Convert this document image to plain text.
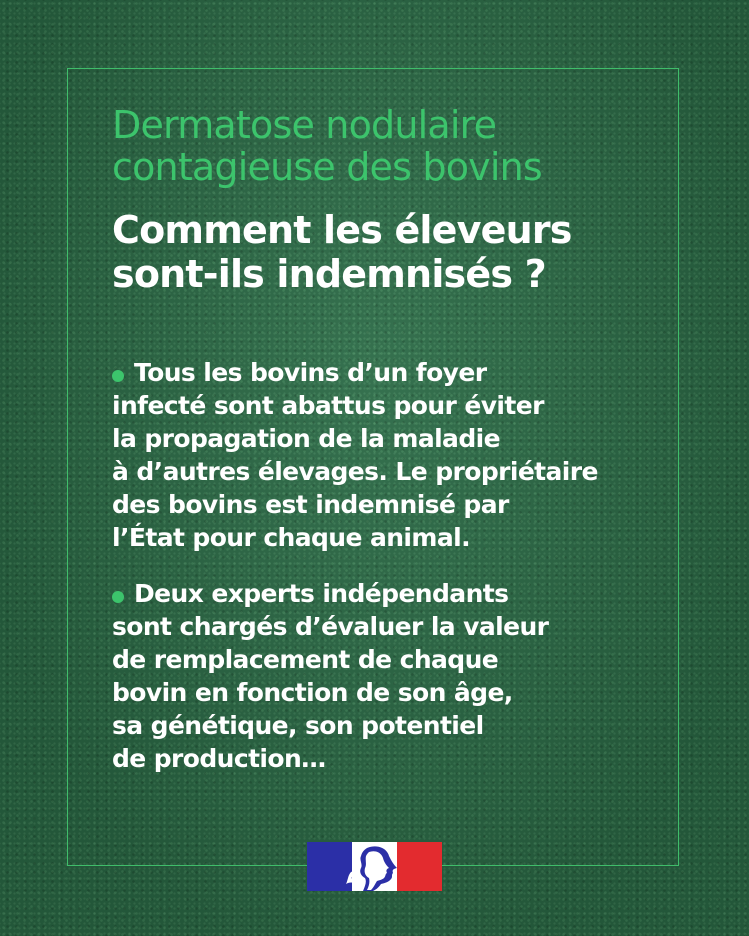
Dermatose nodulaire
contagieuse des bovins
Comment les éleveurs
sont-ils indemnisés ?

Tous les bovins d’un foyer
infecté sont abattus pour éviter
la propagation de la maladie
à d’autres élevages. Le propriétaire
des bovins est indemnisé par
l’État pour chaque animal.

Deux experts indépendants
sont chargés d’évaluer la valeur
de remplacement de chaque
bovin en fonction de son âge,
sa génétique, son potentiel
de production…
